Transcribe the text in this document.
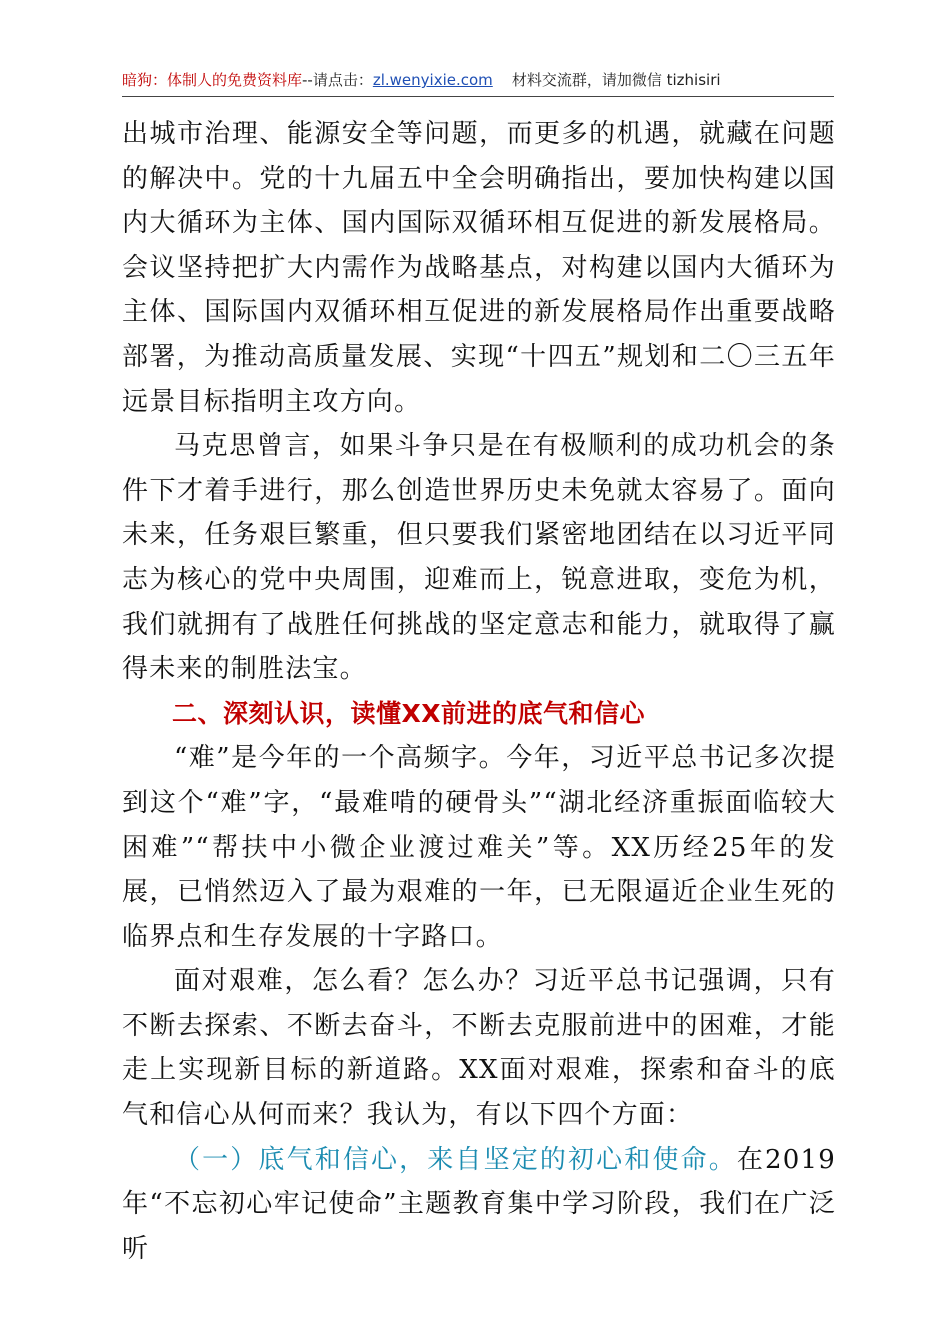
暗狗：体制人的免费资料库--请点击：zl.wenyixie.com 材料交流群，请加微信 tizhisiri

出城市治理、能源安全等问题，而更多的机遇，就藏在问题的解决中。党的十九届五中全会明确指出，要加快构建以国内大循环为主体、国内国际双循环相互促进的新发展格局。会议坚持把扩大内需作为战略基点，对构建以国内大循环为主体、国际国内双循环相互促进的新发展格局作出重要战略部署，为推动高质量发展、实现“十四五”规划和二〇三五年远景目标指明主攻方向。

马克思曾言，如果斗争只是在有极顺利的成功机会的条件下才着手进行，那么创造世界历史未免就太容易了。面向未来，任务艰巨繁重，但只要我们紧密地团结在以习近平同志为核心的党中央周围，迎难而上，锐意进取，变危为机，我们就拥有了战胜任何挑战的坚定意志和能力，就取得了赢得未来的制胜法宝。

二、深刻认识，读懂XX前进的底气和信心

“难”是今年的一个高频字。今年，习近平总书记多次提到这个“难”字，“最难啃的硬骨头”“湖北经济重振面临较大困难”“帮扶中小微企业渡过难关”等。XX历经25年的发展，已悄然迈入了最为艰难的一年，已无限逼近企业生死的临界点和生存发展的十字路口。

面对艰难，怎么看？怎么办？习近平总书记强调，只有不断去探索、不断去奋斗，不断去克服前进中的困难，才能走上实现新目标的新道路。XX面对艰难，探索和奋斗的底气和信心从何而来？我认为，有以下四个方面：

（一）底气和信心，来自坚定的初心和使命。在2019年“不忘初心牢记使命”主题教育集中学习阶段，我们在广泛听
